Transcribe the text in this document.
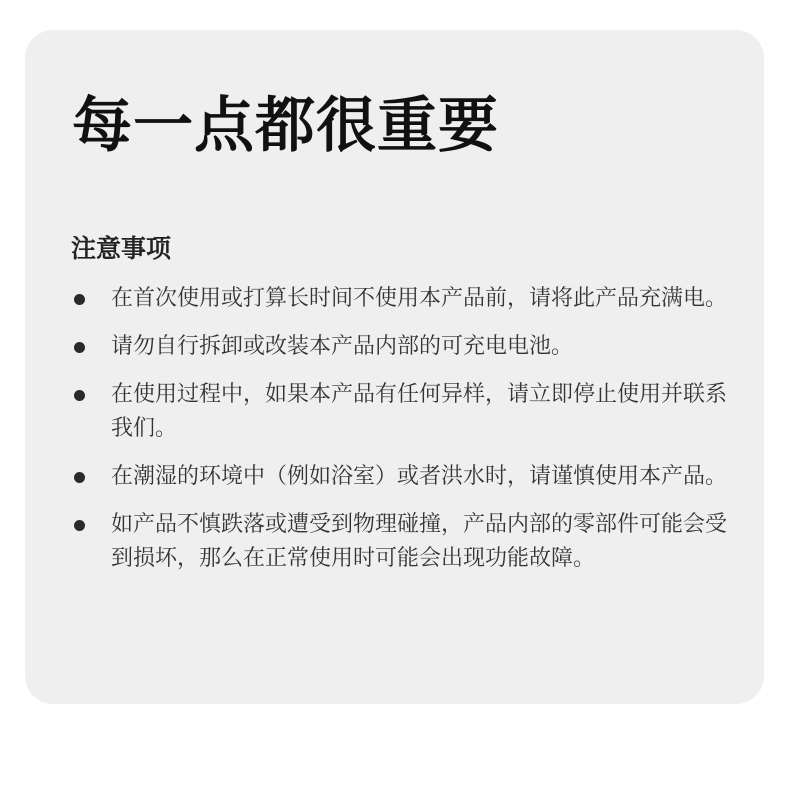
每一点都很重要
注意事项
在首次使用或打算长时间不使用本产品前，请将此产品充满电。
请勿自行拆卸或改装本产品内部的可充电电池。
在使用过程中，如果本产品有任何异样，请立即停止使用并联系我们。
在潮湿的环境中（例如浴室）或者洪水时，请谨慎使用本产品。
如产品不慎跌落或遭受到物理碰撞，产品内部的零部件可能会受到损坏，那么在正常使用时可能会出现功能故障。
